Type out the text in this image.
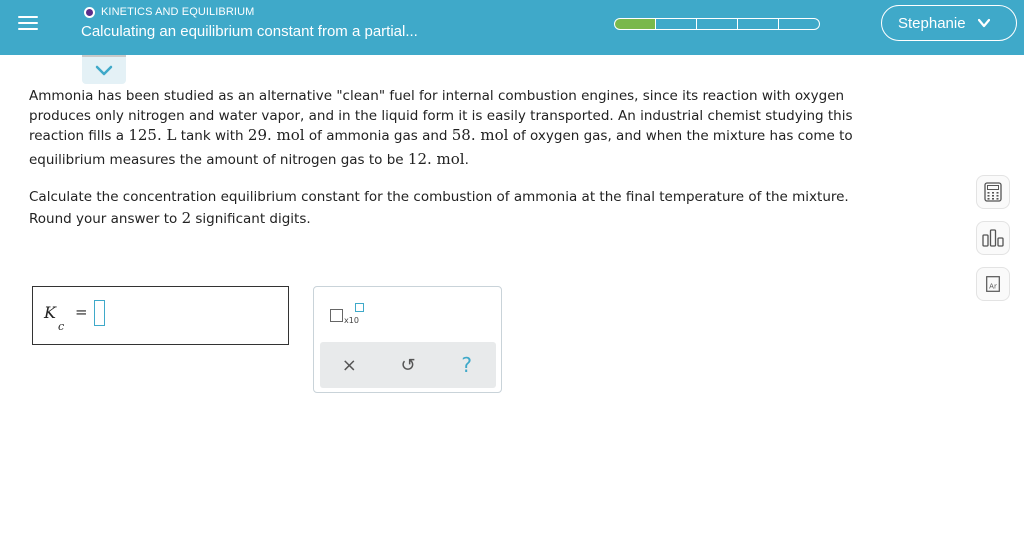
KINETICS AND EQUILIBRIUM
Calculating an equilibrium constant from a partial...	Stephanie

Ammonia has been studied as an alternative "clean" fuel for internal combustion engines, since its reaction with oxygen

produces only nitrogen and water vapor, and in the liquid form it is easily transported. An industrial chemist studying this

reaction fills a 125. L tank with 29. mol of ammonia gas and 58. mol of oxygen gas, and when the mixture has come to

equilibrium measures the amount of nitrogen gas to be 12. mol.

Calculate the concentration equilibrium constant for the combustion of ammonia at the final temperature of the mixture.

Round your answer to 2 significant digits.

Ar
K
c
=	x10
×	↺	?
